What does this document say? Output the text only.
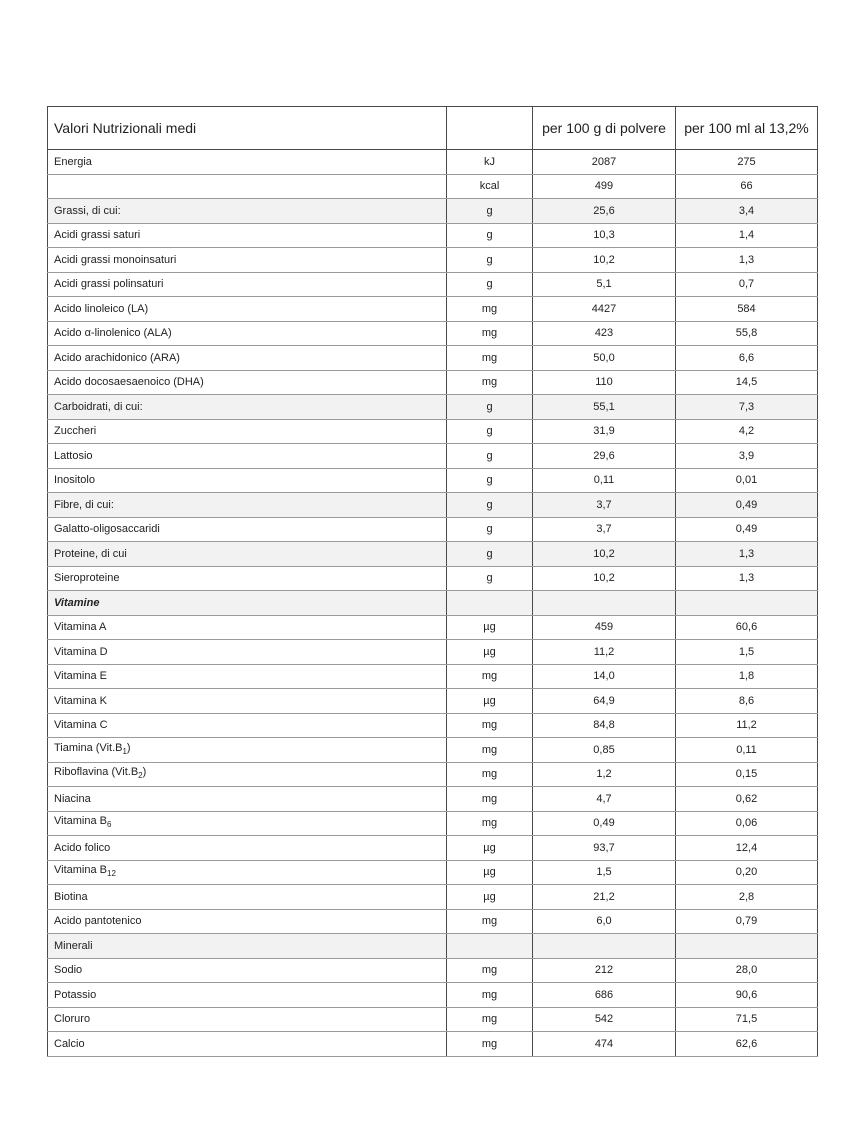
Valori Nutrizionali medi		per 100 g di polvere	per 100 ml al 13,2%
Energia	kJ	2087	275
	kcal	499	66
Grassi, di cui:	g	25,6	3,4
Acidi grassi saturi	g	10,3	1,4
Acidi grassi monoinsaturi	g	10,2	1,3
Acidi grassi polinsaturi	g	5,1	0,7
Acido linoleico (LA)	mg	4427	584
Acido α-linolenico (ALA)	mg	423	55,8
Acido arachidonico (ARA)	mg	50,0	6,6
Acido docosaesaenoico (DHA)	mg	110	14,5
Carboidrati, di cui:	g	55,1	7,3
Zuccheri	g	31,9	4,2
Lattosio	g	29,6	3,9
Inositolo	g	0,11	0,01
Fibre, di cui:	g	3,7	0,49
Galatto-oligosaccaridi	g	3,7	0,49
Proteine, di cui	g	10,2	1,3
Sieroproteine	g	10,2	1,3
Vitamine			
Vitamina A	µg	459	60,6
Vitamina D	µg	11,2	1,5
Vitamina E	mg	14,0	1,8
Vitamina K	µg	64,9	8,6
Vitamina C	mg	84,8	11,2
Tiamina $(Vit.B_1)$	mg	0,85	0,11
Riboflavina $(Vit.B_2)$	mg	1,2	0,15
Niacina	mg	4,7	0,62
Vitamina $B_6$	mg	0,49	0,06
Acido folico	µg	93,7	12,4
Vitamina $B_{12}$	µg	1,5	0,20
Biotina	µg	21,2	2,8
Acido pantotenico	mg	6,0	0,79
Minerali			
Sodio	mg	212	28,0
Potassio	mg	686	90,6
Cloruro	mg	542	71,5
Calcio	mg	474	62,6
